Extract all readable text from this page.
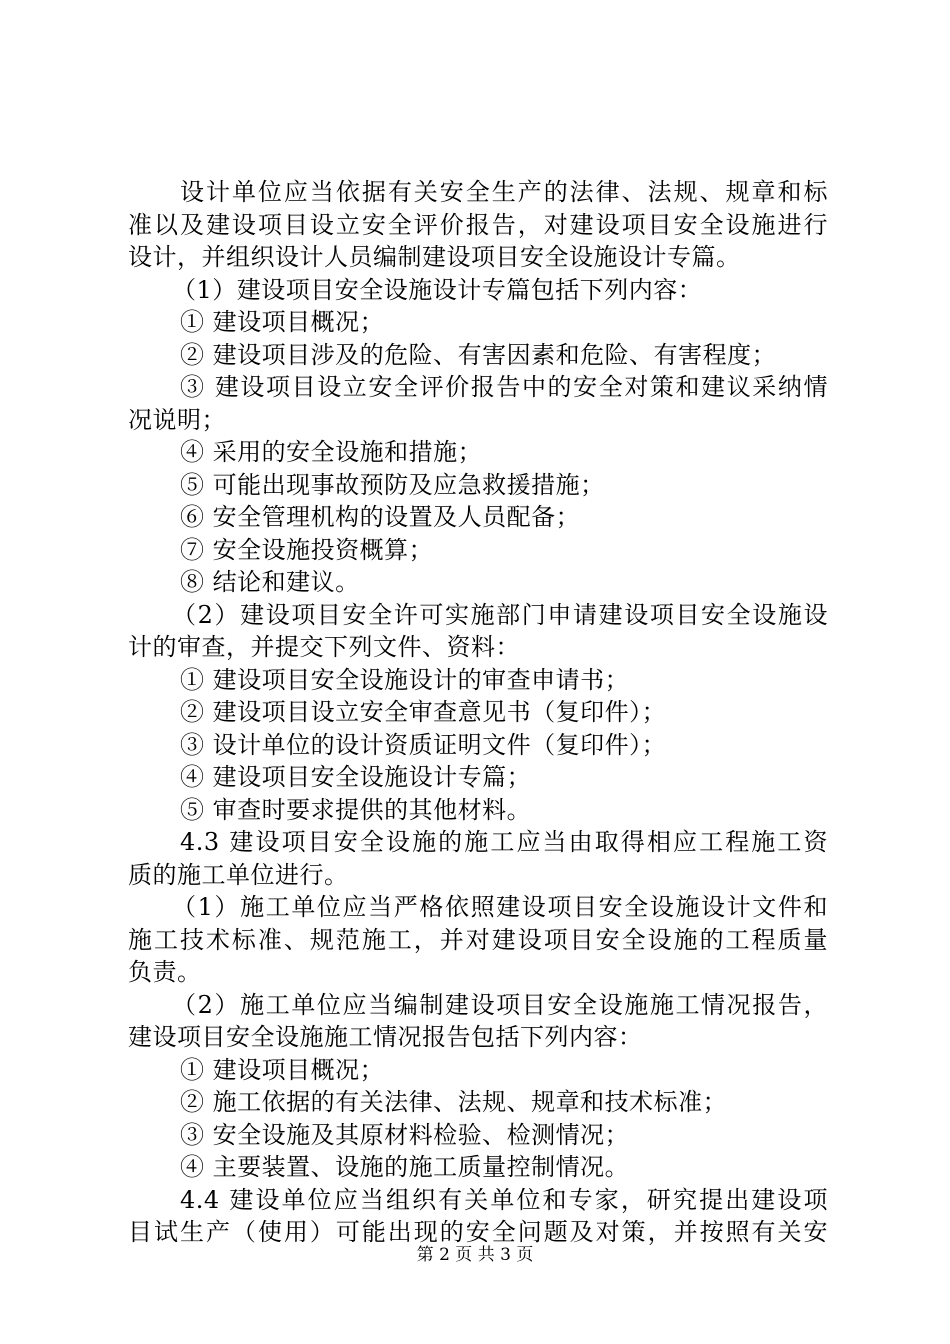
设计单位应当依据有关安全生产的法律、法规、规章和标
准以及建设项目设立安全评价报告，对建设项目安全设施进行
设计，并组织设计人员编制建设项目安全设施设计专篇。
（1）建设项目安全设施设计专篇包括下列内容：
① 建设项目概况；
② 建设项目涉及的危险、有害因素和危险、有害程度；
③ 建设项目设立安全评价报告中的安全对策和建议采纳情
况说明；
④ 采用的安全设施和措施；
⑤ 可能出现事故预防及应急救援措施；
⑥ 安全管理机构的设置及人员配备；
⑦ 安全设施投资概算；
⑧ 结论和建议。
（2）建设项目安全许可实施部门申请建设项目安全设施设
计的审查，并提交下列文件、资料：
① 建设项目安全设施设计的审查申请书；
② 建设项目设立安全审查意见书（复印件）；
③ 设计单位的设计资质证明文件（复印件）；
④ 建设项目安全设施设计专篇；
⑤ 审查时要求提供的其他材料。
4.3 建设项目安全设施的施工应当由取得相应工程施工资
质的施工单位进行。
（1）施工单位应当严格依照建设项目安全设施设计文件和
施工技术标准、规范施工，并对建设项目安全设施的工程质量
负责。
（2）施工单位应当编制建设项目安全设施施工情况报告，
建设项目安全设施施工情况报告包括下列内容：
① 建设项目概况；
② 施工依据的有关法律、法规、规章和技术标准；
③ 安全设施及其原材料检验、检测情况；
④ 主要装置、设施的施工质量控制情况。
4.4 建设单位应当组织有关单位和专家，研究提出建设项
目试生产（使用）可能出现的安全问题及对策，并按照有关安
第 2 页 共 3 页
